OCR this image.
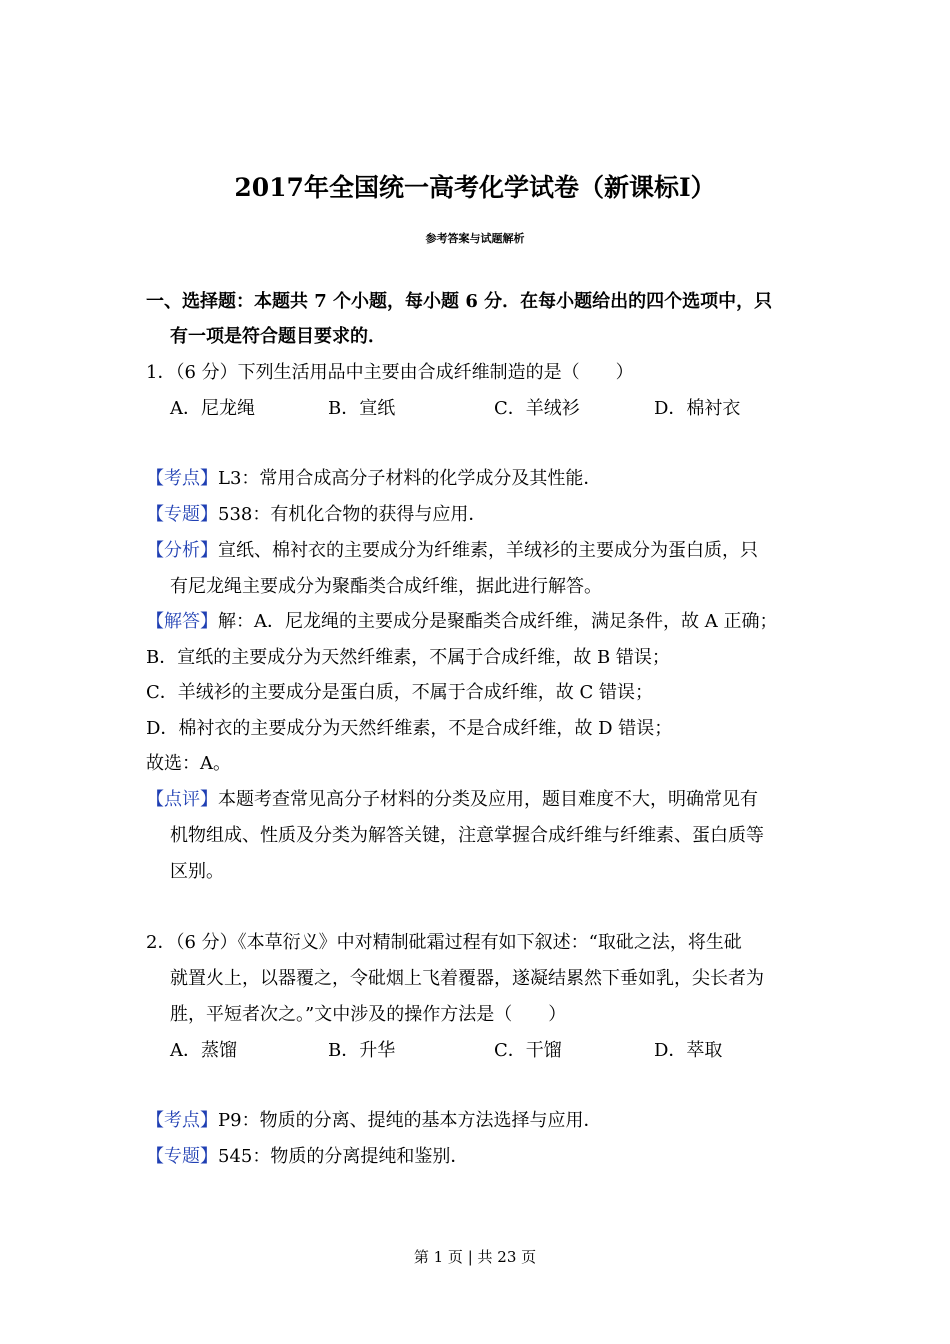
2017年全国统一高考化学试卷（新课标Ⅰ）
参考答案与试题解析
一、选择题：本题共 7 个小题，每小题 6 分．在每小题给出的四个选项中，只
有一项是符合题目要求的．
1．（6 分）下列生活用品中主要由合成纤维制造的是（　　）
A．尼龙绳	B．宣纸	C．羊绒衫	D．棉衬衣
【考点】L3：常用合成高分子材料的化学成分及其性能．
【专题】538：有机化合物的获得与应用．
【分析】宣纸、棉衬衣的主要成分为纤维素，羊绒衫的主要成分为蛋白质，只
有尼龙绳主要成分为聚酯类合成纤维，据此进行解答。
【解答】解：A．尼龙绳的主要成分是聚酯类合成纤维，满足条件，故 A 正确；
B．宣纸的主要成分为天然纤维素，不属于合成纤维，故 B 错误；
C．羊绒衫的主要成分是蛋白质，不属于合成纤维，故 C 错误；
D．棉衬衣的主要成分为天然纤维素，不是合成纤维，故 D 错误；
故选：A。
【点评】本题考查常见高分子材料的分类及应用，题目难度不大，明确常见有
机物组成、性质及分类为解答关键，注意掌握合成纤维与纤维素、蛋白质等
区别。
2．（6 分）《本草衍义》中对精制砒霜过程有如下叙述：“取砒之法，将生砒
就置火上，以器覆之，令砒烟上飞着覆器，遂凝结累然下垂如乳，尖长者为
胜，平短者次之。”文中涉及的操作方法是（　　）
A．蒸馏	B．升华	C．干馏	D．萃取
【考点】P9：物质的分离、提纯的基本方法选择与应用．
【专题】545：物质的分离提纯和鉴别．
第 1 页 | 共 23 页
